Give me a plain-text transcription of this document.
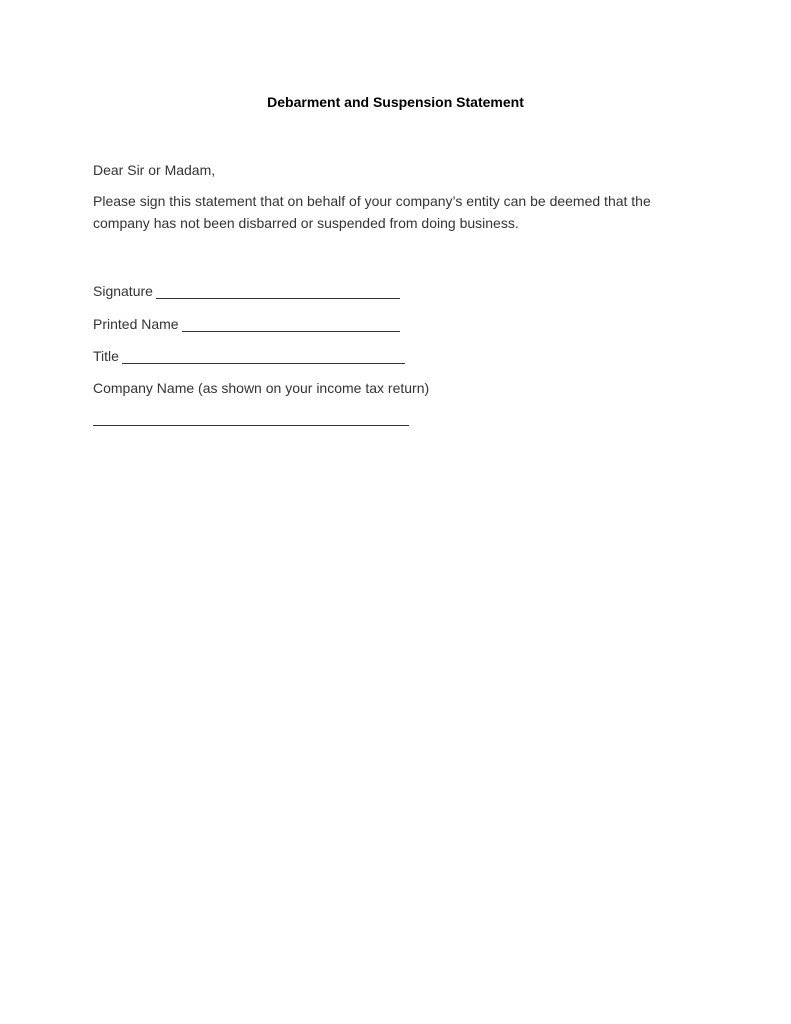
Debarment and Suspension Statement
Dear Sir or Madam,
Please sign this statement that on behalf of your company’s entity can be deemed that the company has not been disbarred or suspended from doing business.
Signature
Printed Name
Title
Company Name (as shown on your income tax return)
